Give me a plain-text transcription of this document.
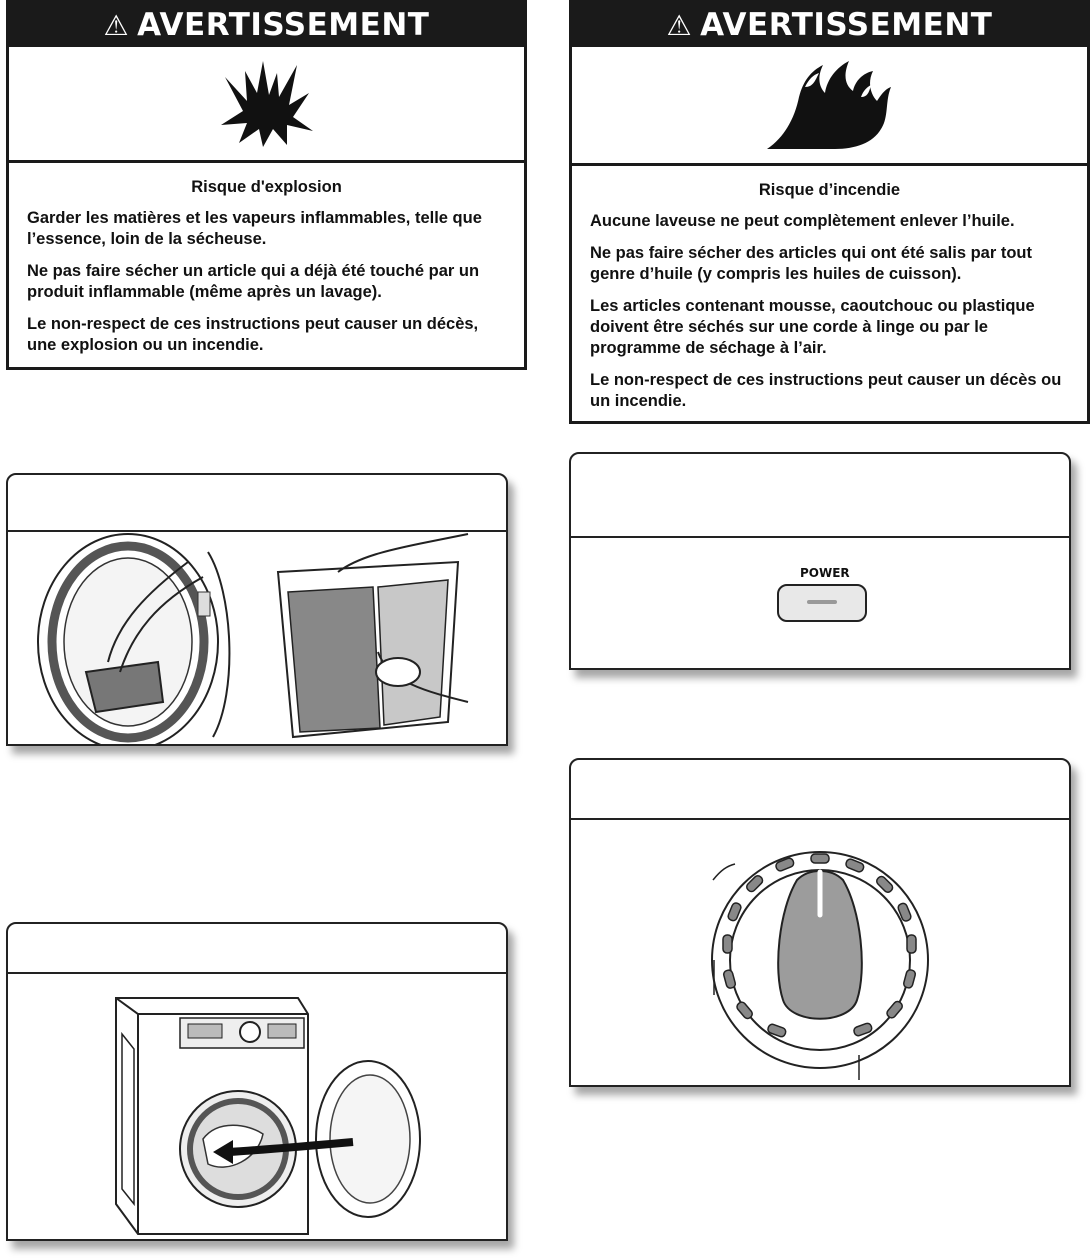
⚠ AVERTISSEMENT
Risque d'explosion

Garder les matières et les vapeurs inflammables, telle que l’essence, loin de la sécheuse.

Ne pas faire sécher un article qui a déjà été touché par un produit inflammable (même après un lavage).

Le non-respect de ces instructions peut causer un décès, une explosion ou un incendie.

⚠ AVERTISSEMENT
Risque d’incendie

Aucune laveuse ne peut complètement enlever l’huile.

Ne pas faire sécher des articles qui ont été salis par tout genre d’huile (y compris les huiles de cuisson).

Les articles contenant mousse, caoutchouc ou plastique doivent être séchés sur une corde à linge ou par le programme de séchage à l’air.

Le non-respect de ces instructions peut causer un décès ou un incendie.

POWER
